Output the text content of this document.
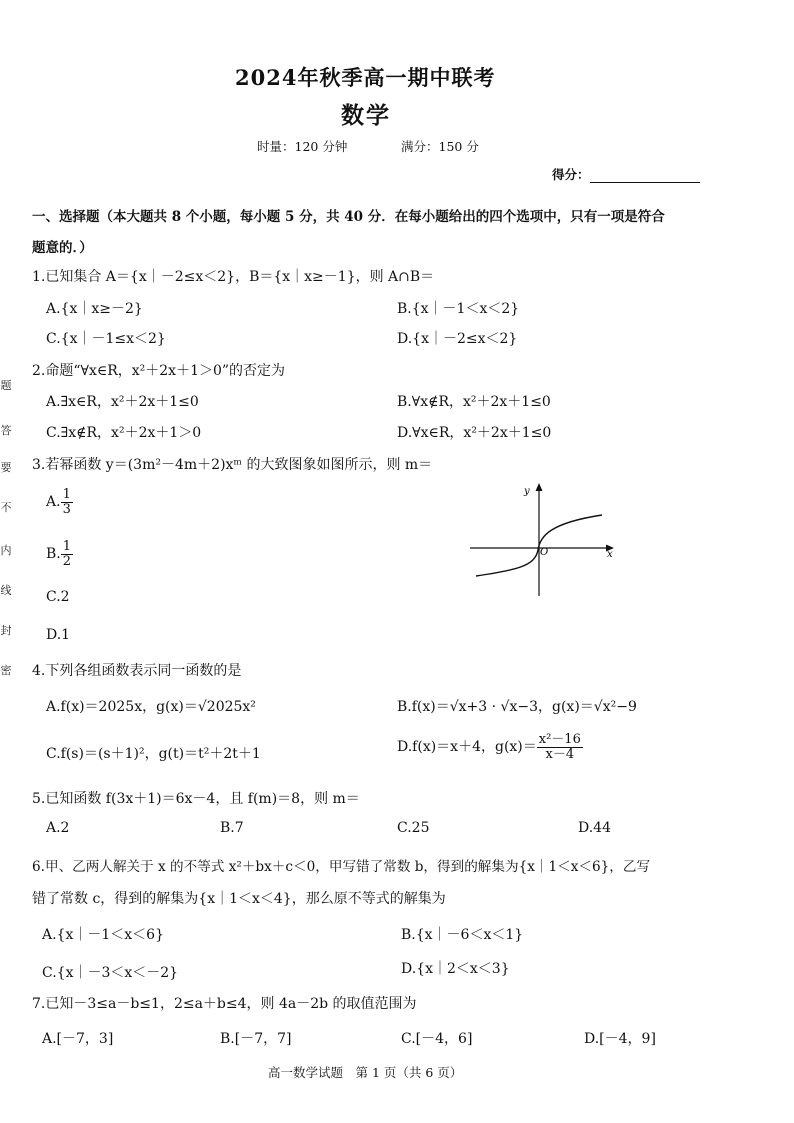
题
答
要
不
内
线
封
密
2024年秋季高一期中联考
数学
时量：120 分钟	满分：150 分
得分：
一、选择题（本大题共 8 个小题，每小题 5 分，共 40 分．在每小题给出的四个选项中，只有一项是符合
题意的．）
1.已知集合 A＝{x｜－2≤x＜2}，B＝{x｜x≥－1}，则 A∩B＝
A.{x｜x≥－2}	B.{x｜－1＜x＜2}
C.{x｜－1≤x＜2}	D.{x｜－2≤x＜2}
2.命题“∀x∈R，x²＋2x＋1＞0”的否定为
A.∃x∈R，x²＋2x＋1≤0	B.∀x∉R，x²＋2x＋1≤0
C.∃x∉R，x²＋2x＋1＞0	D.∀x∈R，x²＋2x＋1≤0
3.若幂函数 y＝(3m²－4m＋2)xᵐ 的大致图象如图所示，则 m＝
A. $\frac{1}{3}$
B. $\frac{1}{2}$
C.2
D.1
y
x
O
4.下列各组函数表示同一函数的是
A.f(x)＝2025x，g(x)＝√2025x²	B.f(x)＝√x+3 · √x−3，g(x)＝√x²−9
C.f(s)＝(s＋1)²，g(t)＝t²＋2t＋1	D.f(x)＝x＋4，$g(x)= \frac{\text{x²－16}}{x-4}$
5.已知函数 f(3x＋1)＝6x－4，且 f(m)＝8，则 m＝
A.2	B.7	C.25	D.44
6.甲、乙两人解关于 x 的不等式 x²＋bx＋c＜0，甲写错了常数 b，得到的解集为{x｜1＜x＜6}，乙写
错了常数 c，得到的解集为{x｜1＜x＜4}，那么原不等式的解集为
A.{x｜－1＜x＜6}	B.{x｜－6＜x＜1}
C.{x｜－3＜x＜－2}	D.{x｜2＜x＜3}
7.已知－3≤a－b≤1，2≤a＋b≤4，则 4a－2b 的取值范围为
A.[－7，3]	B.[－7，7]	C.[－4，6]	D.[－4，9]
高一数学试题　第 1 页（共 6 页）
